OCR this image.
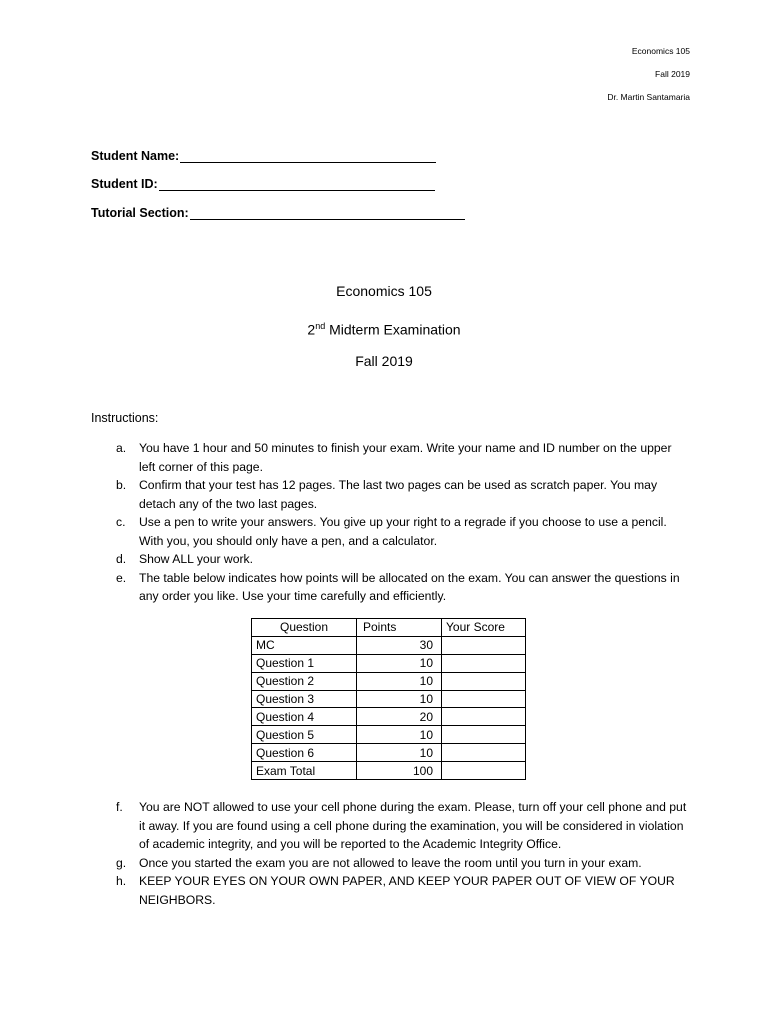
Economics 105
Fall 2019
Dr. Martin Santamaria
Student Name:
Student ID:
Tutorial Section:
Economics 105
2nd Midterm Examination
Fall 2019
Instructions:
a.	You have 1 hour and 50 minutes to finish your exam. Write your name and ID number on the upper left corner of this page.
b.	Confirm that your test has 12 pages. The last two pages can be used as scratch paper. You may detach any of the two last pages.
c.	Use a pen to write your answers. You give up your right to a regrade if you choose to use a pencil. With you, you should only have a pen, and a calculator.
d.	Show ALL your work.
e.	The table below indicates how points will be allocated on the exam. You can answer the questions in any order you like. Use your time carefully and efficiently.
Question	Points	Your Score
MC	30	
Question 1	10	
Question 2	10	
Question 3	10	
Question 4	20	
Question 5	10	
Question 6	10	
Exam Total	100	
f.	You are NOT allowed to use your cell phone during the exam. Please, turn off your cell phone and put it away. If you are found using a cell phone during the examination, you will be considered in violation of academic integrity, and you will be reported to the Academic Integrity Office.
g.	Once you started the exam you are not allowed to leave the room until you turn in your exam.
h.	KEEP YOUR EYES ON YOUR OWN PAPER, AND KEEP YOUR PAPER OUT OF VIEW OF YOUR NEIGHBORS.
